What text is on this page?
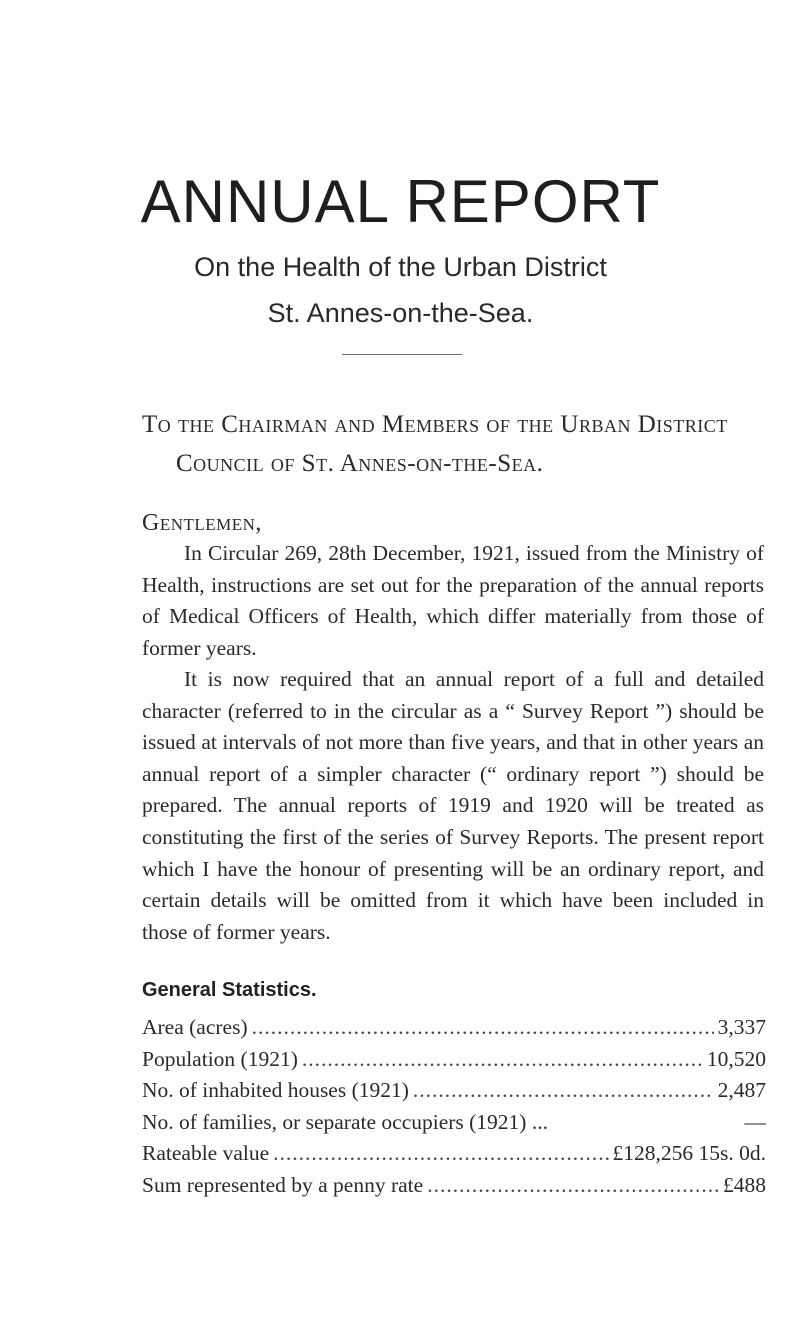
ANNUAL REPORT
On the Health of the Urban District
St. Annes-on-the-Sea.
To the Chairman and Members of the Urban District
Council of St. Annes-on-the-Sea.
Gentlemen,

In Circular 269, 28th December, 1921, issued from the Ministry of Health, instructions are set out for the preparation of the annual reports of Medical Officers of Health, which differ materially from those of former years.

It is now required that an annual report of a full and detailed character (referred to in the circular as a “ Survey Report ”) should be issued at intervals of not more than five years, and that in other years an annual report of a simpler character (“ ordinary report ”) should be prepared. The annual reports of 1919 and 1920 will be treated as constituting the first of the series of Survey Reports. The present report which I have the honour of presenting will be an ordinary report, and certain details will be omitted from it which have been included in those of former years.

General Statistics.
Area (acres) .....	3,337
Population (1921) .....	10,520
No. of inhabited houses (1921) .....	2,487
No. of families, or separate occupiers (1921) ...	—
Rateable value .....	£128,256 15s. 0d.
Sum represented by a penny rate .....	£488
